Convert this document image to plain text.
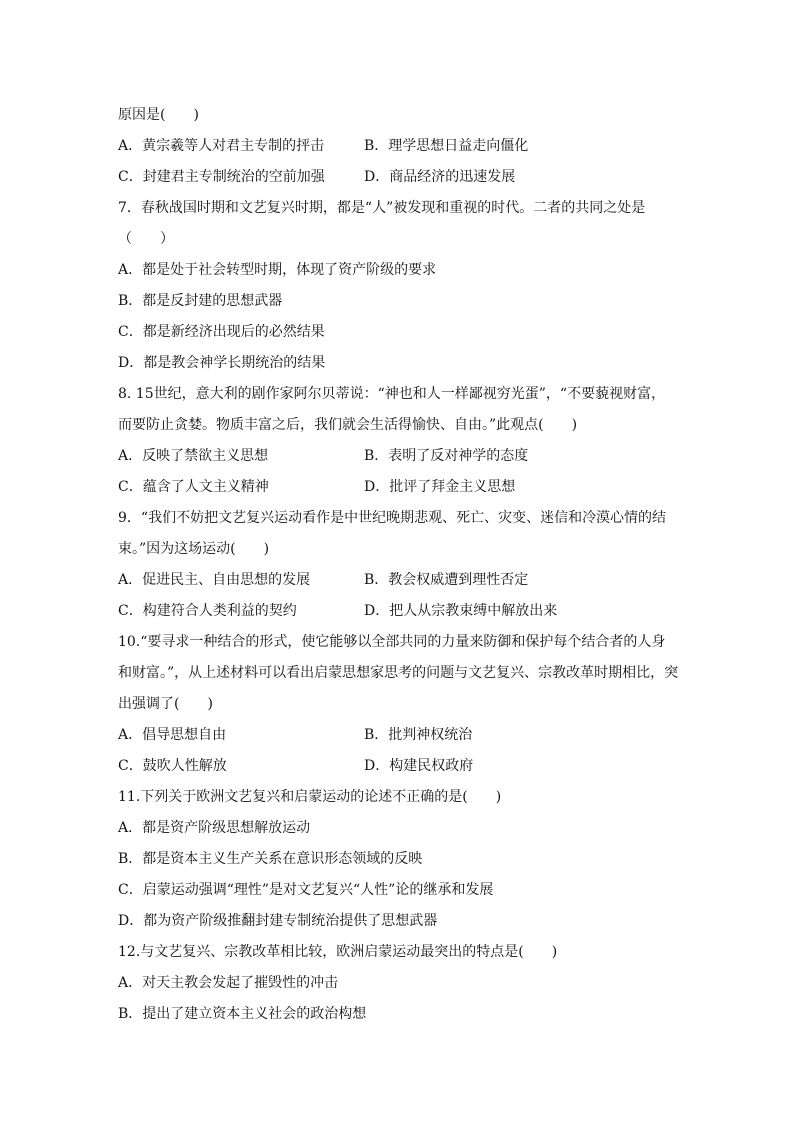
原因是(　　)
A．黄宗羲等人对君主专制的抨击	B．理学思想日益走向僵化
C．封建君主专制统治的空前加强	D．商品经济的迅速发展
7．春秋战国时期和文艺复兴时期，都是“人”被发现和重视的时代。二者的共同之处是
（　　）
A．都是处于社会转型时期，体现了资产阶级的要求
B．都是反封建的思想武器
C．都是新经济出现后的必然结果
D．都是教会神学长期统治的结果
8. 15世纪，意大利的剧作家阿尔贝蒂说：“神也和人一样鄙视穷光蛋”，“不要藐视财富，
而要防止贪婪。物质丰富之后，我们就会生活得愉快、自由。”此观点(　　)
A．反映了禁欲主义思想	B．表明了反对神学的态度
C．蕴含了人文主义精神	D．批评了拜金主义思想
9．“我们不妨把文艺复兴运动看作是中世纪晚期悲观、死亡、灾变、迷信和冷漠心情的结
束。”因为这场运动(　　)
A．促进民主、自由思想的发展	B．教会权威遭到理性否定
C．构建符合人类利益的契约	D．把人从宗教束缚中解放出来
10.“要寻求一种结合的形式，使它能够以全部共同的力量来防御和保护每个结合者的人身
和财富。”，从上述材料可以看出启蒙思想家思考的问题与文艺复兴、宗教改革时期相比，突
出强调了(　　)
A．倡导思想自由	B．批判神权统治
C．鼓吹人性解放	D．构建民权政府
11.下列关于欧洲文艺复兴和启蒙运动的论述不正确的是(　　)
A．都是资产阶级思想解放运动
B．都是资本主义生产关系在意识形态领域的反映
C．启蒙运动强调“理性”是对文艺复兴“人性”论的继承和发展
D．都为资产阶级推翻封建专制统治提供了思想武器
12.与文艺复兴、宗教改革相比较，欧洲启蒙运动最突出的特点是(　　)
A．对天主教会发起了摧毁性的冲击
B．提出了建立资本主义社会的政治构想
